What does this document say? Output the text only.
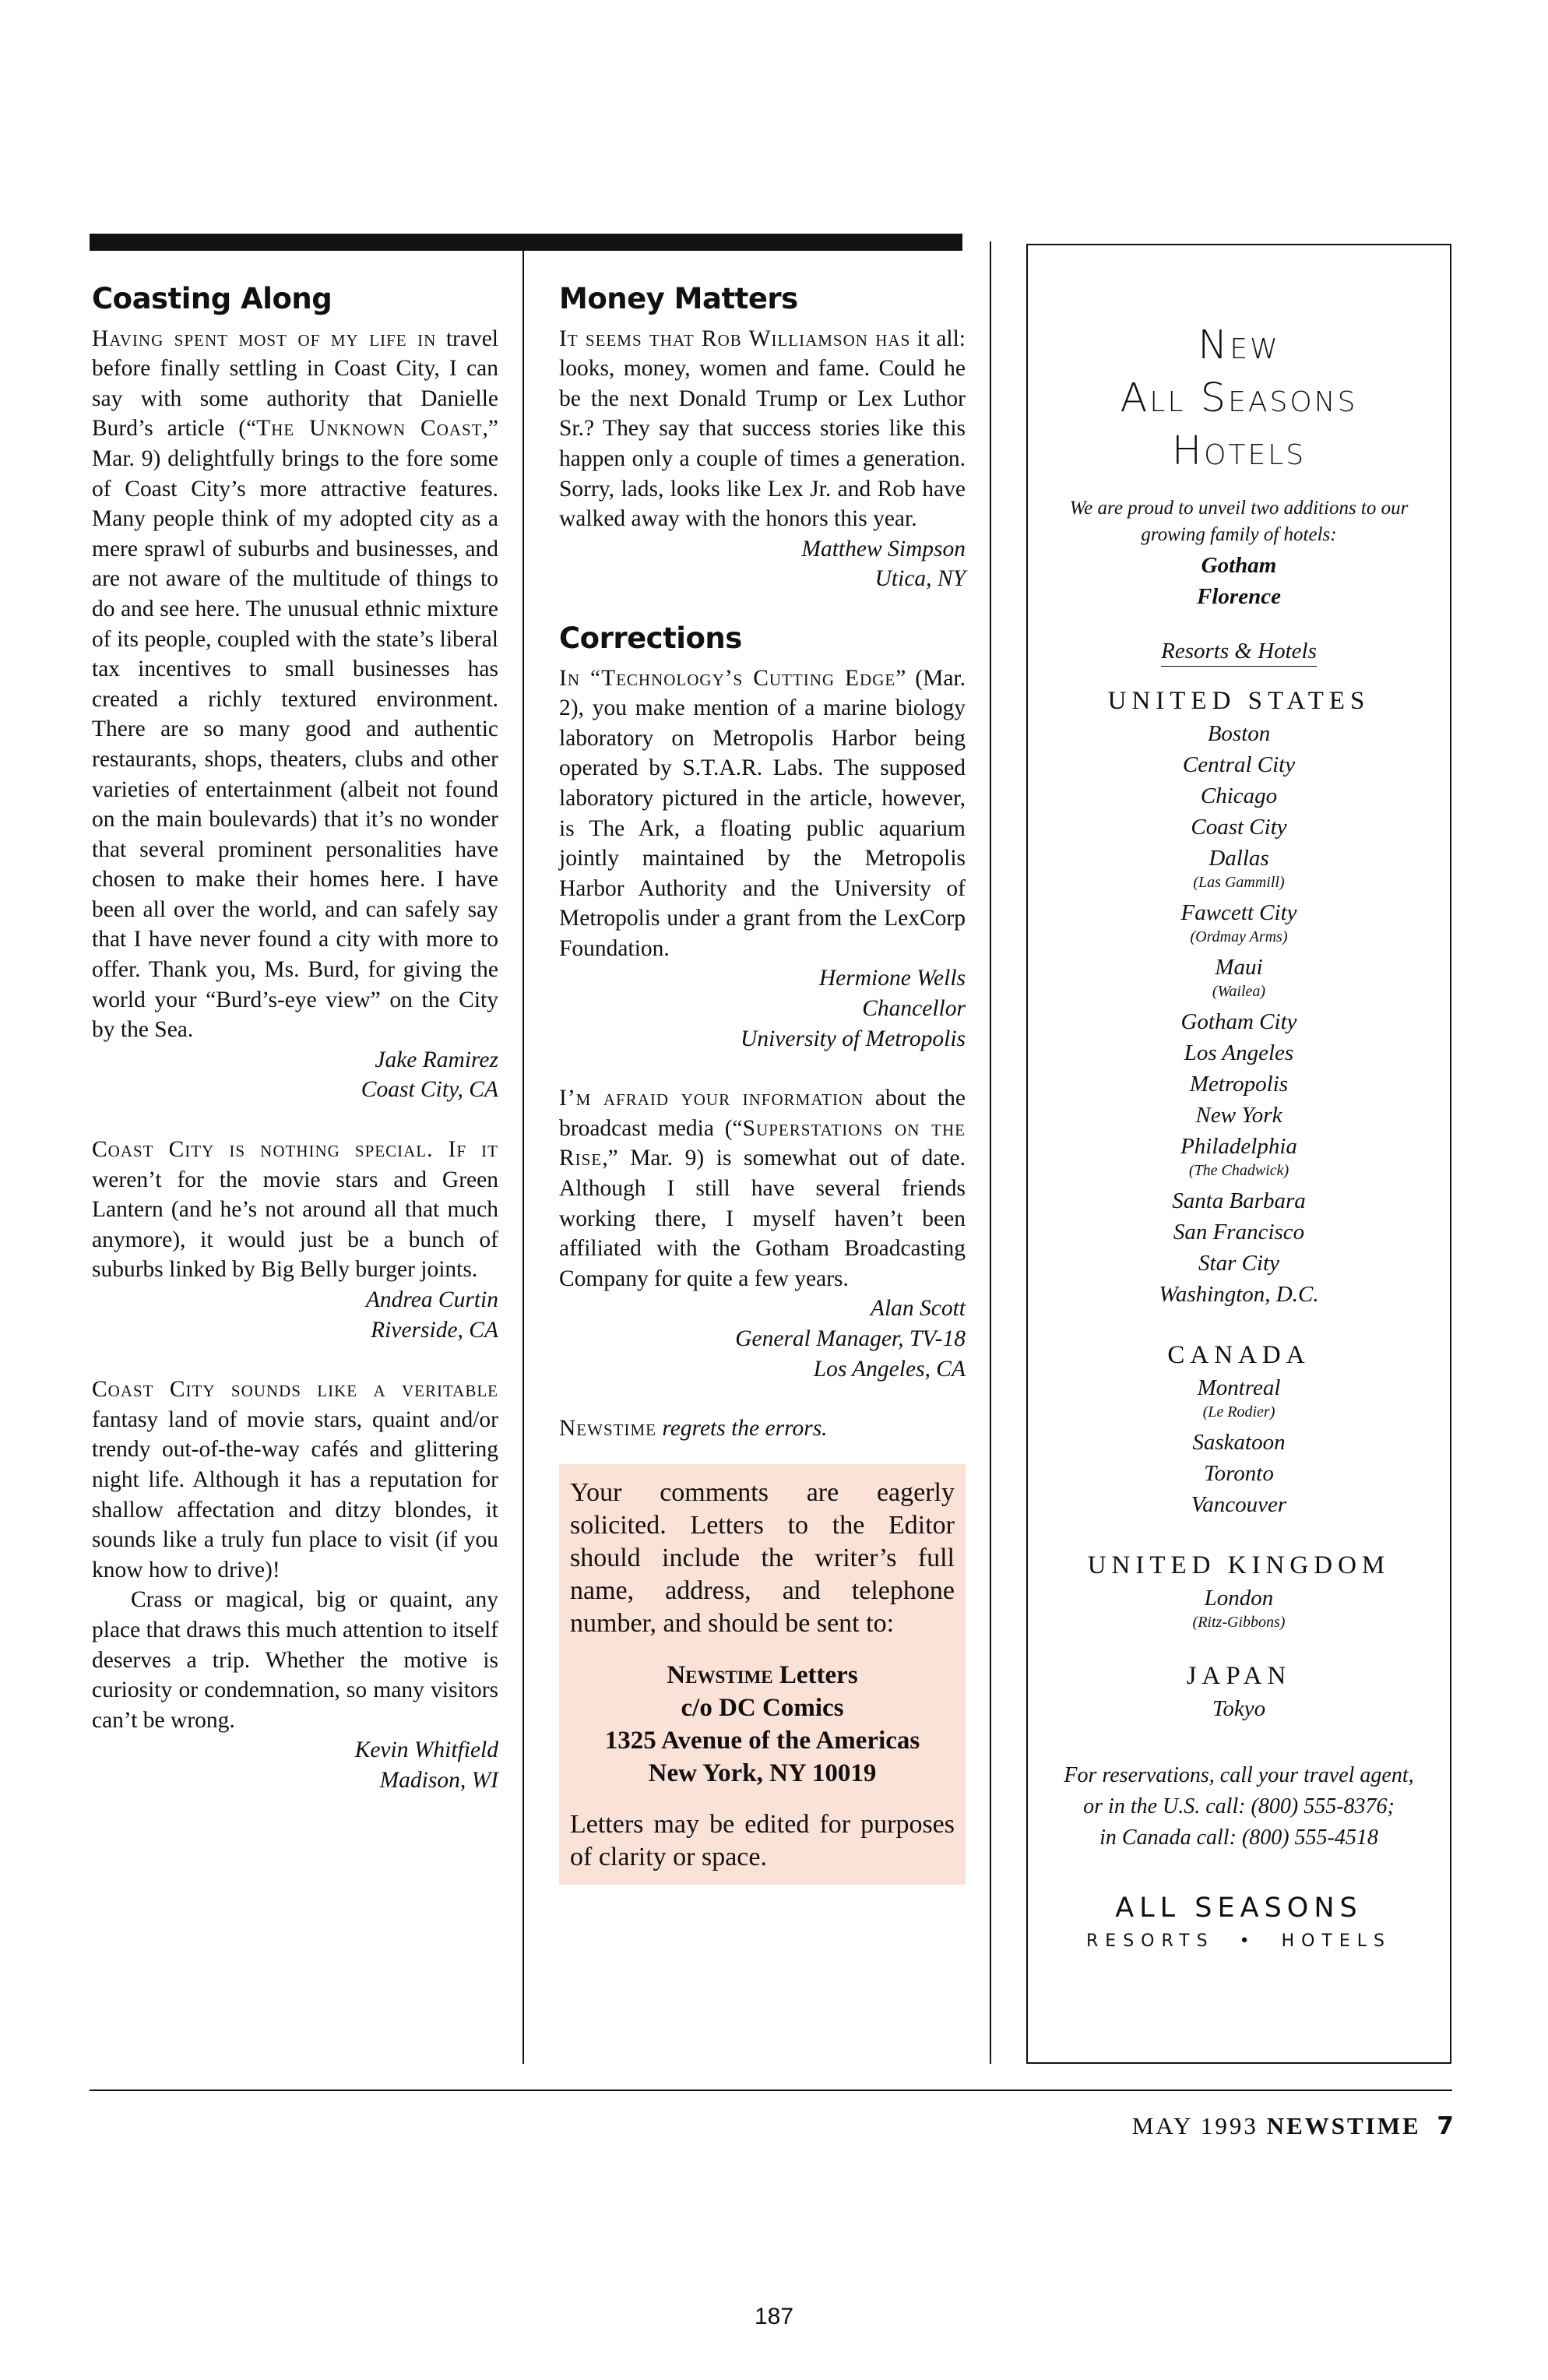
Coasting Along

Having spent most of my life in travel before finally settling in Coast City, I can say with some authority that Danielle Burd’s article (“The Unknown Coast,” Mar. 9) delightfully brings to the fore some of Coast City’s more attractive features. Many people think of my adopted city as a mere sprawl of suburbs and businesses, and are not aware of the multitude of things to do and see here. The unusual ethnic mixture of its people, coupled with the state’s liberal tax incentives to small businesses has created a richly textured environment. There are so many good and authentic restaurants, shops, theaters, clubs and other varieties of entertainment (albeit not found on the main boulevards) that it’s no wonder that several prominent personalities have chosen to make their homes here. I have been all over the world, and can safely say that I have never found a city with more to offer. Thank you, Ms. Burd, for giving the world your “Burd’s-eye view” on the City by the Sea.

Jake Ramirez
Coast City, CA

Coast City is nothing special. If it weren’t for the movie stars and Green Lantern (and he’s not around all that much anymore), it would just be a bunch of suburbs linked by Big Belly burger joints.

Andrea Curtin
Riverside, CA

Coast City sounds like a veritable fantasy land of movie stars, quaint and/or trendy out-of-the-way cafés and glittering night life. Although it has a reputation for shallow affectation and ditzy blondes, it sounds like a truly fun place to visit (if you know how to drive)!

Crass or magical, big or quaint, any place that draws this much attention to itself deserves a trip. Whether the motive is curiosity or condemnation, so many visitors can’t be wrong.

Kevin Whitfield
Madison, WI
Money Matters

It seems that Rob Williamson has it all: looks, money, women and fame. Could he be the next Donald Trump or Lex Luthor Sr.? They say that success stories like this happen only a couple of times a generation. Sorry, lads, looks like Lex Jr. and Rob have walked away with the honors this year.

Matthew Simpson
Utica, NY
Corrections

In “Technology’s Cutting Edge” (Mar. 2), you make mention of a marine biology laboratory on Metropolis Harbor being operated by S.T.A.R. Labs. The supposed laboratory pictured in the article, however, is The Ark, a floating public aquarium jointly maintained by the Metropolis Harbor Authority and the University of Metropolis under a grant from the LexCorp Foundation.

Hermione Wells
Chancellor
University of Metropolis

I’m afraid your information about the broadcast media (“Superstations on the Rise,” Mar. 9) is somewhat out of date. Although I still have several friends working there, I myself haven’t been affiliated with the Gotham Broadcasting Company for quite a few years.

Alan Scott
General Manager, TV-18
Los Angeles, CA

Newstime regrets the errors.

Your comments are eagerly solicited. Letters to the Editor should include the writer’s full name, address, and telephone number, and should be sent to:
Newstime Letters
c/o DC Comics
1325 Avenue of the Americas
New York, NY 10019
Letters may be edited for purposes of clarity or space.
New
All Seasons
Hotels
We are proud to unveil two additions to our growing family of hotels:
Gotham
Florence
Resorts & Hotels
UNITED STATES
Boston
Central City
Chicago
Coast City
Dallas
(Las Gammill)
Fawcett City
(Ordmay Arms)
Maui
(Wailea)
Gotham City
Los Angeles
Metropolis
New York
Philadelphia
(The Chadwick)
Santa Barbara
San Francisco
Star City
Washington, D.C.
CANADA
Montreal
(Le Rodier)
Saskatoon
Toronto
Vancouver
UNITED KINGDOM
London
(Ritz-Gibbons)
JAPAN
Tokyo
For reservations, call your travel agent,
or in the U.S. call: (800) 555-8376;
in Canada call: (800) 555-4518
ALL SEASONS
RESORTS • HOTELS
MAY 1993 NEWSTIME 7
187
